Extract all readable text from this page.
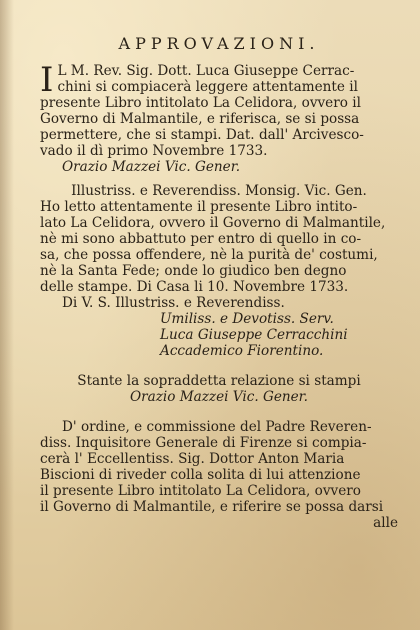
APPROVAZIONI.
I L M. Rev. Sig. Dott. Luca Giuseppe Cerrac-
chini si compiacerà leggere attentamente il
presente Libro intitolato La Celidora, ovvero il
Governo di Malmantile, e riferisca, se si possa
permettere, che si stampi. Dat. dall' Arcivesco-
vado il dì primo Novembre 1733.
Orazio Mazzei Vic. Gener.
Illustriss. e Reverendiss. Monsig. Vic. Gen.
Ho letto attentamente il presente Libro intito-
lato La Celidora, ovvero il Governo di Malmantile,
nè mi sono abbattuto per entro di quello in co-
sa, che possa offendere, nè la purità de' costumi,
nè la Santa Fede; onde lo giudico ben degno
delle stampe. Di Casa li 10. Novembre 1733.
Di V. S. Illustriss. e Reverendiss.
Umiliss. e Devotiss. Serv.
Luca Giuseppe Cerracchini
Accademico Fiorentino.
Stante la sopraddetta relazione si stampi
Orazio Mazzei Vic. Gener.
D' ordine, e commissione del Padre Reveren-
diss. Inquisitore Generale di Firenze si compia-
cerà l' Eccellentiss. Sig. Dottor Anton Maria
Biscioni di riveder colla solita di lui attenzione
il presente Libro intitolato La Celidora, ovvero
il Governo di Malmantile, e riferire se possa darsi
alle
